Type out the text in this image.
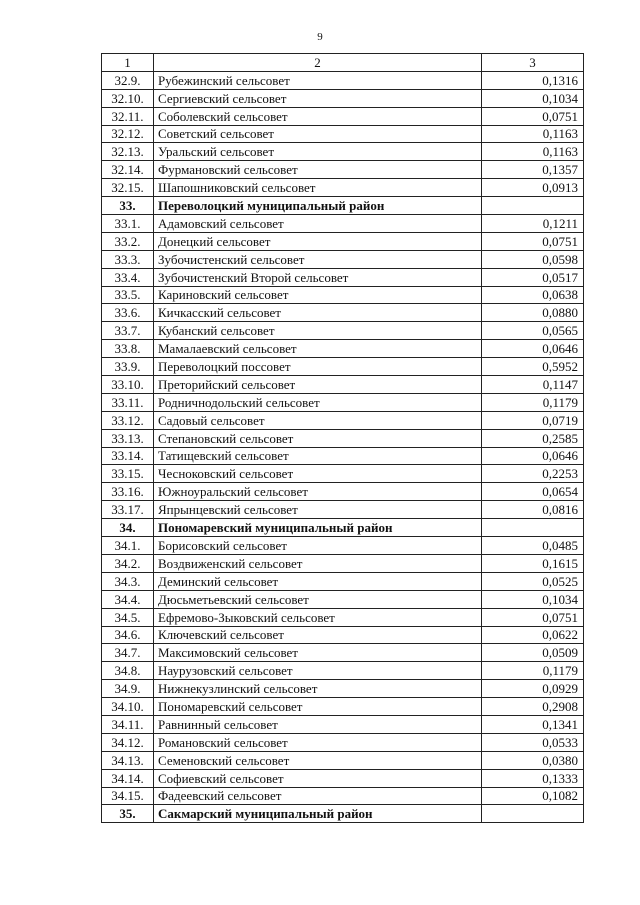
9
1	2	3
32.9.	Рубежинский сельсовет	0,1316
32.10.	Сергиевский сельсовет	0,1034
32.11.	Соболевский сельсовет	0,0751
32.12.	Советский сельсовет	0,1163
32.13.	Уральский сельсовет	0,1163
32.14.	Фурмановский сельсовет	0,1357
32.15.	Шапошниковский сельсовет	0,0913
33.	Переволоцкий муниципальный район	
33.1.	Адамовский сельсовет	0,1211
33.2.	Донецкий сельсовет	0,0751
33.3.	Зубочистенский сельсовет	0,0598
33.4.	Зубочистенский Второй сельсовет	0,0517
33.5.	Кариновский сельсовет	0,0638
33.6.	Кичкасский сельсовет	0,0880
33.7.	Кубанский сельсовет	0,0565
33.8.	Мамалаевский сельсовет	0,0646
33.9.	Переволоцкий поссовет	0,5952
33.10.	Преторийский сельсовет	0,1147
33.11.	Родничнодольский сельсовет	0,1179
33.12.	Садовый сельсовет	0,0719
33.13.	Степановский сельсовет	0,2585
33.14.	Татищевский сельсовет	0,0646
33.15.	Чесноковский сельсовет	0,2253
33.16.	Южноуральский сельсовет	0,0654
33.17.	Япрынцевский сельсовет	0,0816
34.	Пономаревский муниципальный район	
34.1.	Борисовский сельсовет	0,0485
34.2.	Воздвиженский сельсовет	0,1615
34.3.	Деминский сельсовет	0,0525
34.4.	Дюсьметьевский сельсовет	0,1034
34.5.	Ефремово-Зыковский сельсовет	0,0751
34.6.	Ключевский сельсовет	0,0622
34.7.	Максимовский сельсовет	0,0509
34.8.	Наурузовский сельсовет	0,1179
34.9.	Нижнекузлинский сельсовет	0,0929
34.10.	Пономаревский сельсовет	0,2908
34.11.	Равнинный сельсовет	0,1341
34.12.	Романовский сельсовет	0,0533
34.13.	Семеновский сельсовет	0,0380
34.14.	Софиевский сельсовет	0,1333
34.15.	Фадеевский сельсовет	0,1082
35.	Сакмарский муниципальный район	
